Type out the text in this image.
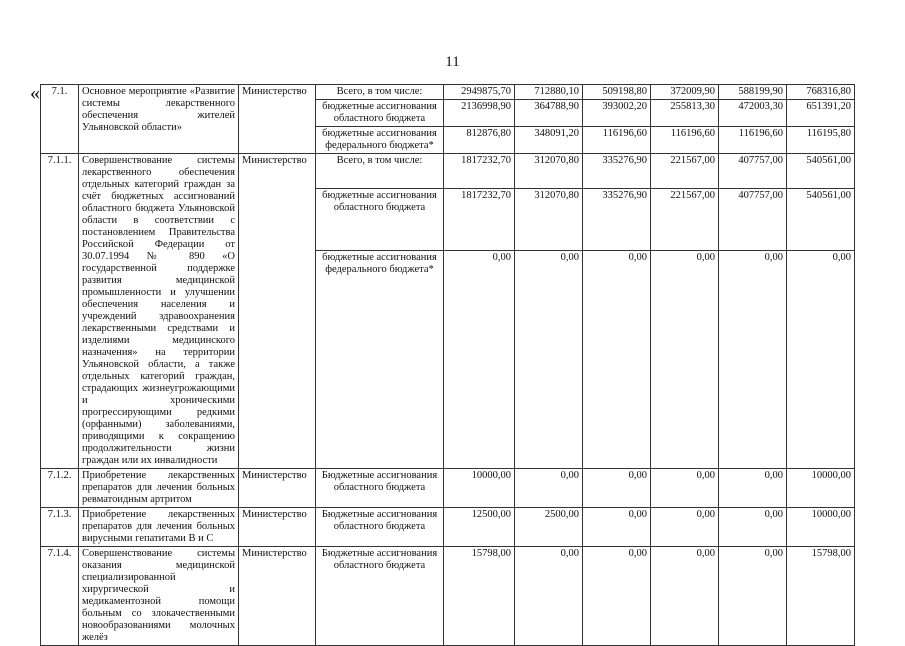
11
« 7.1.	Основное мероприятие «Развитие системы лекарственного обеспечения жителей Ульяновской области»	Министерство	Всего, в том числе:	2949875,70	712880,10	509198,80	372009,90	588199,90	768316,80
			бюджетные ассигнования областного бюджета	2136998,90	364788,90	393002,20	255813,30	472003,30	651391,20
			бюджетные ассигнования федерального бюджета*	812876,80	348091,20	116196,60	116196,60	116196,60	116195,80
7.1.1.	Совершенствование системы лекарственного обеспечения отдельных категорий граждан за счёт бюджетных ассигнований областного бюджета Ульяновской области в соответствии с постановлением Правительства Российской Федерации от 30.07.1994 № 890 «О государственной поддержке развития медицинской промышленности и улучшении обеспечения населения и учреждений здравоохранения лекарственными средствами и изделиями медицинского назначения» на территории Ульяновской области, а также отдельных категорий граждан, страдающих жизнеугрожающими и хроническими прогрессирующими редкими (орфанными) заболеваниями, приводящими к сокращению продолжительности жизни граждан или их инвалидности	Министерство	Всего, в том числе:	1817232,70	312070,80	335276,90	221567,00	407757,00	540561,00
			бюджетные ассигнования областного бюджета	1817232,70	312070,80	335276,90	221567,00	407757,00	540561,00
			бюджетные ассигнования федерального бюджета*	0,00	0,00	0,00	0,00	0,00	0,00
7.1.2.	Приобретение лекарственных препаратов для лечения больных ревматоидным артритом	Министерство	Бюджетные ассигнования областного бюджета	10000,00	0,00	0,00	0,00	0,00	10000,00
7.1.3.	Приобретение лекарственных препаратов для лечения больных вирусными гепатитами В и С	Министерство	Бюджетные ассигнования областного бюджета	12500,00	2500,00	0,00	0,00	0,00	10000,00
7.1.4.	Совершенствование системы оказания медицинской специализированной хирургической и медикаментозной помощи больным со злокачественными новообразованиями молочных желёз	Министерство	Бюджетные ассигнования областного бюджета	15798,00	0,00	0,00	0,00	0,00	15798,00
